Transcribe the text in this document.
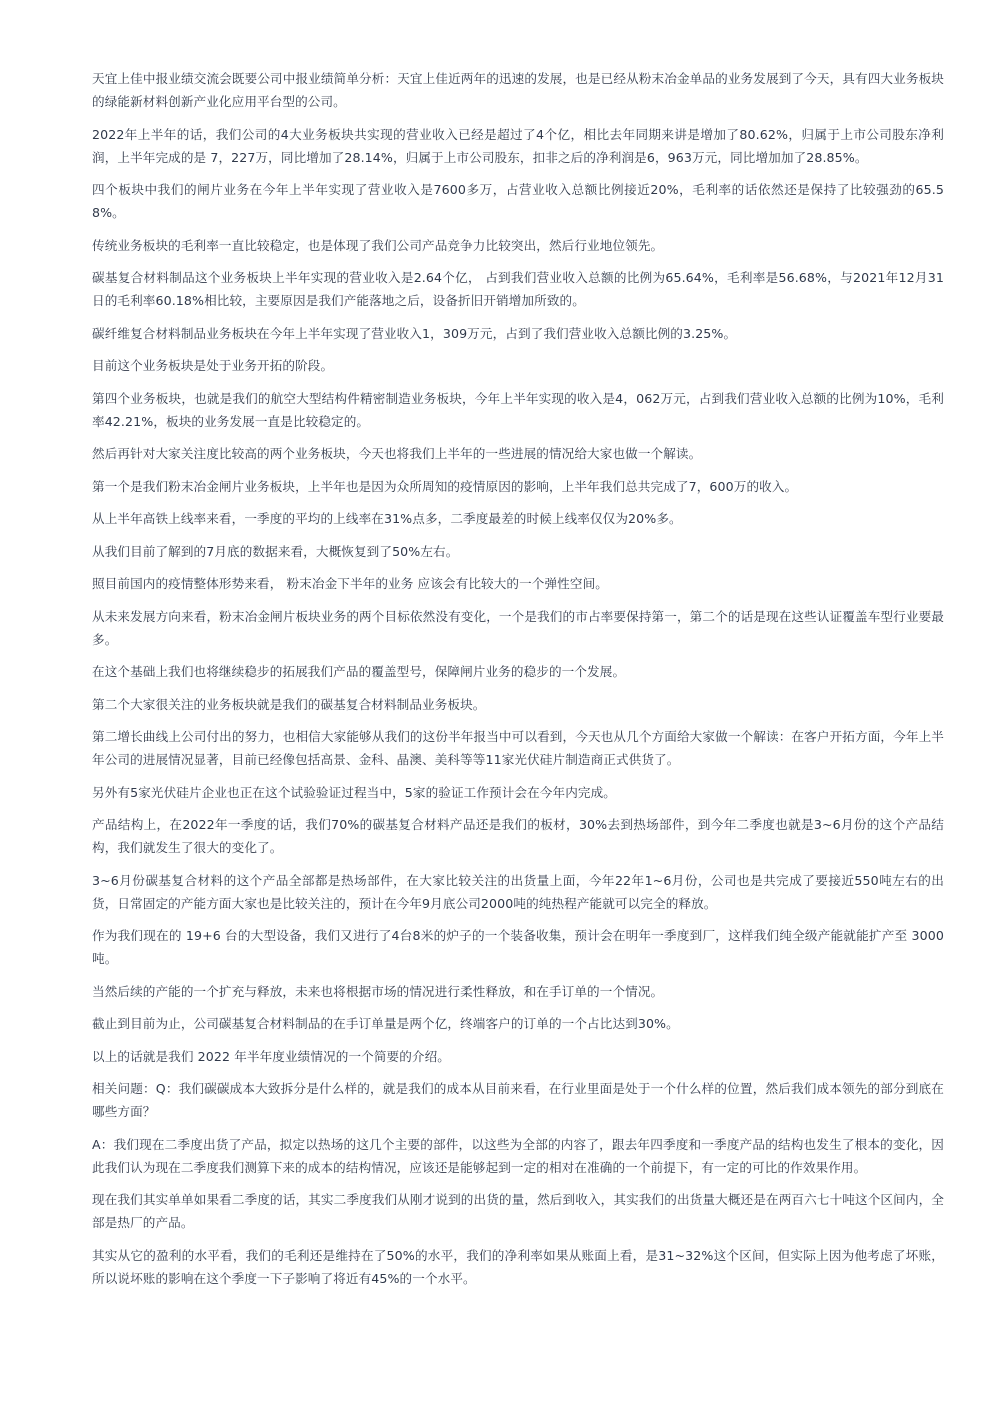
天宜上佳中报业绩交流会既要公司中报业绩简单分析：天宜上佳近两年的迅速的发展，也是已经从粉末冶金单品的业务发展到了今天，具有四大业务板块的绿能新材料创新产业化应用平台型的公司。

2022年上半年的话，我们公司的4大业务板块共实现的营业收入已经是超过了4个亿，相比去年同期来讲是增加了80.62%，归属于上市公司股东净利润，上半年完成的是 7，227万，同比增加了28.14%，归属于上市公司股东，扣非之后的净利润是6，963万元，同比增加加了28.85%。

四个板块中我们的闸片业务在今年上半年实现了营业收入是7600多万，占营业收入总额比例接近20%，毛利率的话依然还是保持了比较强劲的65.58%。

传统业务板块的毛利率一直比较稳定，也是体现了我们公司产品竞争力比较突出，然后行业地位领先。

碳基复合材料制品这个业务板块上半年实现的营业收入是2.64个亿， 占到我们营业收入总额的比例为65.64%，毛利率是56.68%，与2021年12月31日的毛利率60.18%相比较，主要原因是我们产能落地之后，设备折旧开销增加所致的。

碳纤维复合材料制品业务板块在今年上半年实现了营业收入1，309万元，占到了我们营业收入总额比例的3.25%。

目前这个业务板块是处于业务开拓的阶段。

第四个业务板块，也就是我们的航空大型结构件精密制造业务板块，今年上半年实现的收入是4，062万元，占到我们营业收入总额的比例为10%，毛利率42.21%，板块的业务发展一直是比较稳定的。

然后再针对大家关注度比较高的两个业务板块，今天也将我们上半年的一些进展的情况给大家也做一个解读。

第一个是我们粉末冶金闸片业务板块，上半年也是因为众所周知的疫情原因的影响，上半年我们总共完成了7，600万的收入。

从上半年高铁上线率来看，一季度的平均的上线率在31%点多，二季度最差的时候上线率仅仅为20%多。

从我们目前了解到的7月底的数据来看，大概恢复到了50%左右。

照目前国内的疫情整体形势来看， 粉末冶金下半年的业务 应该会有比较大的一个弹性空间。

从未来发展方向来看，粉末冶金闸片板块业务的两个目标依然没有变化，一个是我们的市占率要保持第一，第二个的话是现在这些认证覆盖车型行业要最多。

在这个基础上我们也将继续稳步的拓展我们产品的覆盖型号，保障闸片业务的稳步的一个发展。

第二个大家很关注的业务板块就是我们的碳基复合材料制品业务板块。

第二增长曲线上公司付出的努力，也相信大家能够从我们的这份半年报当中可以看到，今天也从几个方面给大家做一个解读：在客户开拓方面，今年上半年公司的进展情况显著，目前已经像包括高景、金科、晶澳、美科等等11家光伏硅片制造商正式供货了。

另外有5家光伏硅片企业也正在这个试验验证过程当中，5家的验证工作预计会在今年内完成。

产品结构上，在2022年一季度的话，我们70%的碳基复合材料产品还是我们的板材，30%去到热场部件，到今年二季度也就是3~6月份的这个产品结构，我们就发生了很大的变化了。

3~6月份碳基复合材料的这个产品全部都是热场部件，在大家比较关注的出货量上面，今年22年1~6月份，公司也是共完成了要接近550吨左右的出货，日常固定的产能方面大家也是比较关注的，预计在今年9月底公司2000吨的纯热程产能就可以完全的释放。

作为我们现在的 19+6 台的大型设备，我们又进行了4台8米的炉子的一个装备收集，预计会在明年一季度到厂，这样我们纯全级产能就能扩产至 3000 吨。

当然后续的产能的一个扩充与释放，未来也将根据市场的情况进行柔性释放，和在手订单的一个情况。

截止到目前为止，公司碳基复合材料制品的在手订单量是两个亿，终端客户的订单的一个占比达到30%。

以上的话就是我们 2022 年半年度业绩情况的一个简要的介绍。

相关问题：Q：我们碳碳成本大致拆分是什么样的，就是我们的成本从目前来看，在行业里面是处于一个什么样的位置，然后我们成本领先的部分到底在哪些方面？

A：我们现在二季度出货了产品，拟定以热场的这几个主要的部件，以这些为全部的内容了，跟去年四季度和一季度产品的结构也发生了根本的变化，因此我们认为现在二季度我们测算下来的成本的结构情况，应该还是能够起到一定的相对在准确的一个前提下，有一定的可比的作效果作用。

现在我们其实单单如果看二季度的话，其实二季度我们从刚才说到的出货的量，然后到收入，其实我们的出货量大概还是在两百六七十吨这个区间内，全部是热厂的产品。

其实从它的盈利的水平看，我们的毛利还是维持在了50%的水平，我们的净利率如果从账面上看，是31~32%这个区间，但实际上因为他考虑了坏账，所以说坏账的影响在这个季度一下子影响了将近有45%的一个水平。
